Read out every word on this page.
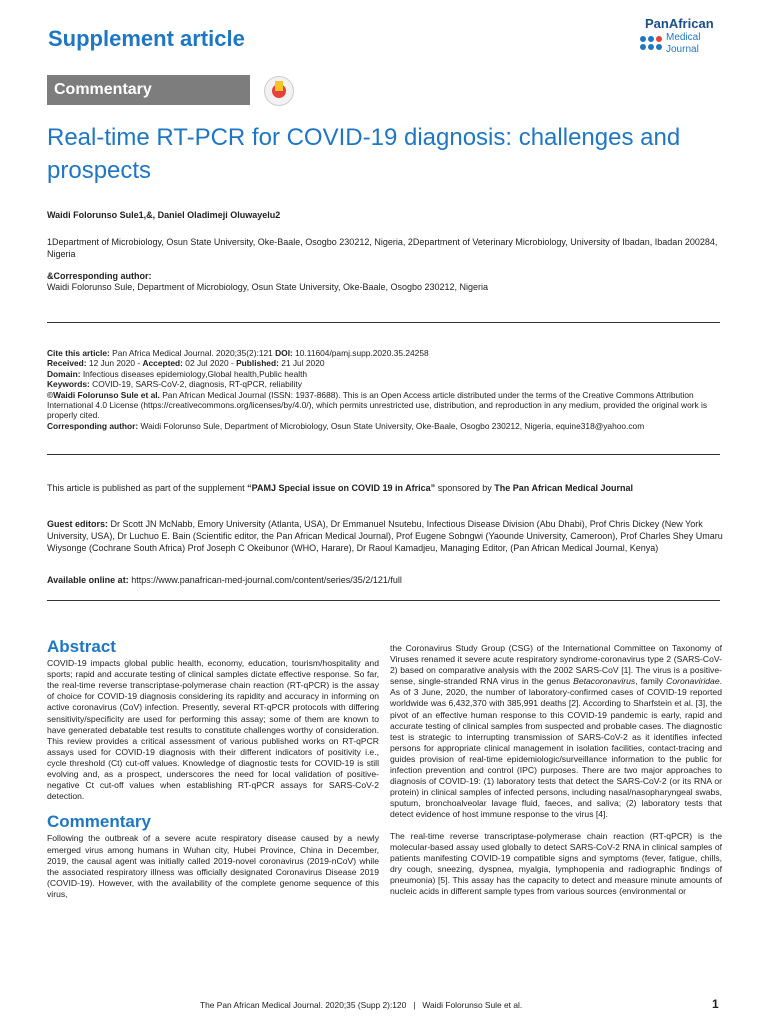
Supplement article
PanAfrican
Medical
Journal
Commentary
Real-time RT-PCR for COVID-19 diagnosis: challenges and prospects
Waidi Folorunso Sule1,&, Daniel Oladimeji Oluwayelu2
1Department of Microbiology, Osun State University, Oke-Baale, Osogbo 230212, Nigeria, 2Department of Veterinary Microbiology, University of Ibadan, Ibadan 200284, Nigeria
&Corresponding author:
Waidi Folorunso Sule, Department of Microbiology, Osun State University, Oke-Baale, Osogbo 230212, Nigeria
Cite this article: Pan Africa Medical Journal. 2020;35(2):121 DOI: 10.11604/pamj.supp.2020.35.24258
Received: 12 Jun 2020 - Accepted: 02 Jul 2020 - Published: 21 Jul 2020
Domain: Infectious diseases epidemiology,Global health,Public health
Keywords: COVID-19, SARS-CoV-2, diagnosis, RT-qPCR, reliability
©Waidi Folorunso Sule et al. Pan African Medical Journal (ISSN: 1937-8688). This is an Open Access article distributed under the terms of the Creative Commons Attribution International 4.0 License (https://creativecommons.org/licenses/by/4.0/), which permits unrestricted use, distribution, and reproduction in any medium, provided the original work is properly cited.
Corresponding author: Waidi Folorunso Sule, Department of Microbiology, Osun State University, Oke-Baale, Osogbo 230212, Nigeria, equine318@yahoo.com
This article is published as part of the supplement “PAMJ Special issue on COVID 19 in Africa” sponsored by The Pan African Medical Journal
Guest editors: Dr Scott JN McNabb, Emory University (Atlanta, USA), Dr Emmanuel Nsutebu, Infectious Disease Division (Abu Dhabi), Prof Chris Dickey (New York University, USA), Dr Luchuo E. Bain (Scientific editor, the Pan African Medical Journal), Prof Eugene Sobngwi (Yaounde University, Cameroon), Prof Charles Shey Umaru Wiysonge (Cochrane South Africa) Prof Joseph C Okeibunor (WHO, Harare), Dr Raoul Kamadjeu, Managing Editor, (Pan African Medical Journal, Kenya)
Available online at: https://www.panafrican-med-journal.com/content/series/35/2/121/full
Abstract

COVID-19 impacts global public health, economy, education, tourism/hospitality and sports; rapid and accurate testing of clinical samples dictate effective response. So far, the real-time reverse transcriptase-polymerase chain reaction (RT-qPCR) is the assay of choice for COVID-19 diagnosis considering its rapidity and accuracy in informing on active coronavirus (CoV) infection. Presently, several RT-qPCR protocols with differing sensitivity/specificity are used for performing this assay; some of them are known to have generated debatable test results to constitute challenges worthy of consideration. This review provides a critical assessment of various published works on RT-qPCR assays used for COVID-19 diagnosis with their different indicators of positivity i.e., cycle threshold (Ct) cut-off values. Knowledge of diagnostic tests for COVID-19 is still evolving and, as a prospect, underscores the need for local validation of positive-negative Ct cut-off values when establishing RT-qPCR assays for SARS-CoV-2 detection.

Commentary

Following the outbreak of a severe acute respiratory disease caused by a newly emerged virus among humans in Wuhan city, Hubei Province, China in December, 2019, the causal agent was initially called 2019-novel coronavirus (2019-nCoV) while the associated respiratory illness was officially designated Coronavirus Disease 2019 (COVID-19). However, with the availability of the complete genome sequence of this virus,

the Coronavirus Study Group (CSG) of the International Committee on Taxonomy of Viruses renamed it severe acute respiratory syndrome-coronavirus type 2 (SARS-CoV-2) based on comparative analysis with the 2002 SARS-CoV [1]. The virus is a positive-sense, single-stranded RNA virus in the genus Betacoronavirus, family Coronaviridae. As of 3 June, 2020, the number of laboratory-confirmed cases of COVID-19 reported worldwide was 6,432,370 with 385,991 deaths [2]. According to Sharfstein et al. [3], the pivot of an effective human response to this COVID-19 pandemic is early, rapid and accurate testing of clinical samples from suspected and probable cases. The diagnostic test is strategic to interrupting transmission of SARS-CoV-2 as it identifies infected persons for appropriate clinical management in isolation facilities, contact-tracing and guides provision of real-time epidemiologic/surveillance information to the public for infection prevention and control (IPC) purposes. There are two major approaches to diagnosis of COVID-19: (1) laboratory tests that detect the SARS-CoV-2 (or its RNA or protein) in clinical samples of infected persons, including nasal/nasopharyngeal swabs, sputum, bronchoalveolar lavage fluid, faeces, and saliva; (2) laboratory tests that detect evidence of host immune response to the virus [4].

The real-time reverse transcriptase-polymerase chain reaction (RT-qPCR) is the molecular-based assay used globally to detect SARS-CoV-2 RNA in clinical samples of patients manifesting COVID-19 compatible signs and symptoms (fever, fatigue, chills, dry cough, sneezing, dyspnea, myalgia, lymphopenia and radiographic findings of pneumonia) [5]. This assay has the capacity to detect and measure minute amounts of nucleic acids in different sample types from various sources (environmental or

The Pan African Medical Journal. 2020;35 (Supp 2):120 | Waidi Folorunso Sule et al.	1
